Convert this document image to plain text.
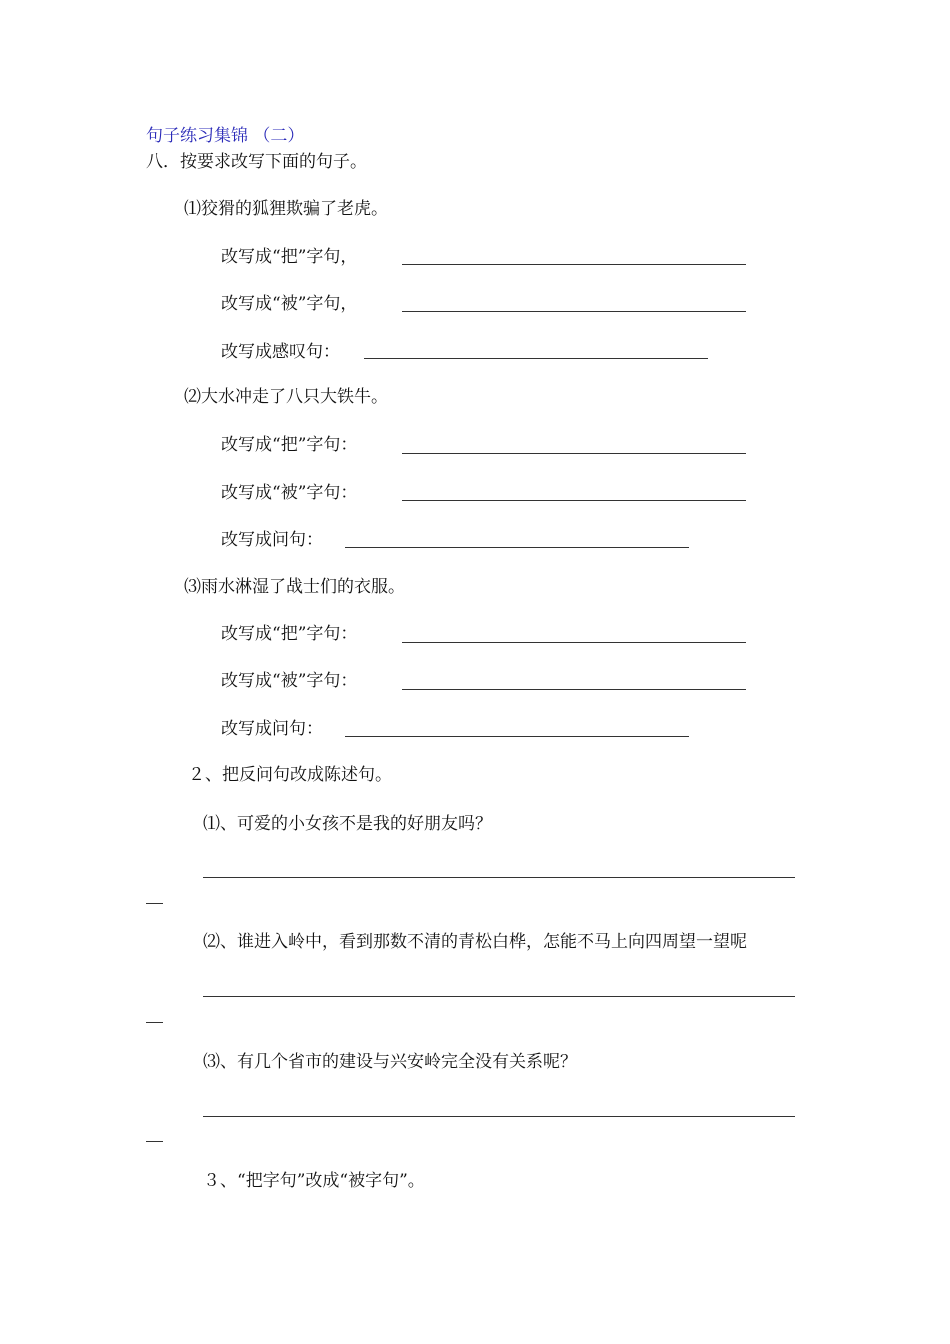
句子练习集锦 （二）

八．按要求改写下面的句子。

⑴狡猾的狐狸欺骗了老虎。

改写成“把”字句，

改写成“被”字句，

改写成感叹句：

⑵大水冲走了八只大铁牛。

改写成“把”字句：

改写成“被”字句：

改写成问句：

⑶雨水淋湿了战士们的衣服。

改写成“把”字句：

改写成“被”字句：

改写成问句：

２、把反问句改成陈述句。

⑴、可爱的小女孩不是我的好朋友吗？

⑵、谁进入岭中，看到那数不清的青松白桦，怎能不马上向四周望一望呢

⑶、有几个省市的建设与兴安岭完全没有关系呢？

３、“把字句”改成“被字句”。
